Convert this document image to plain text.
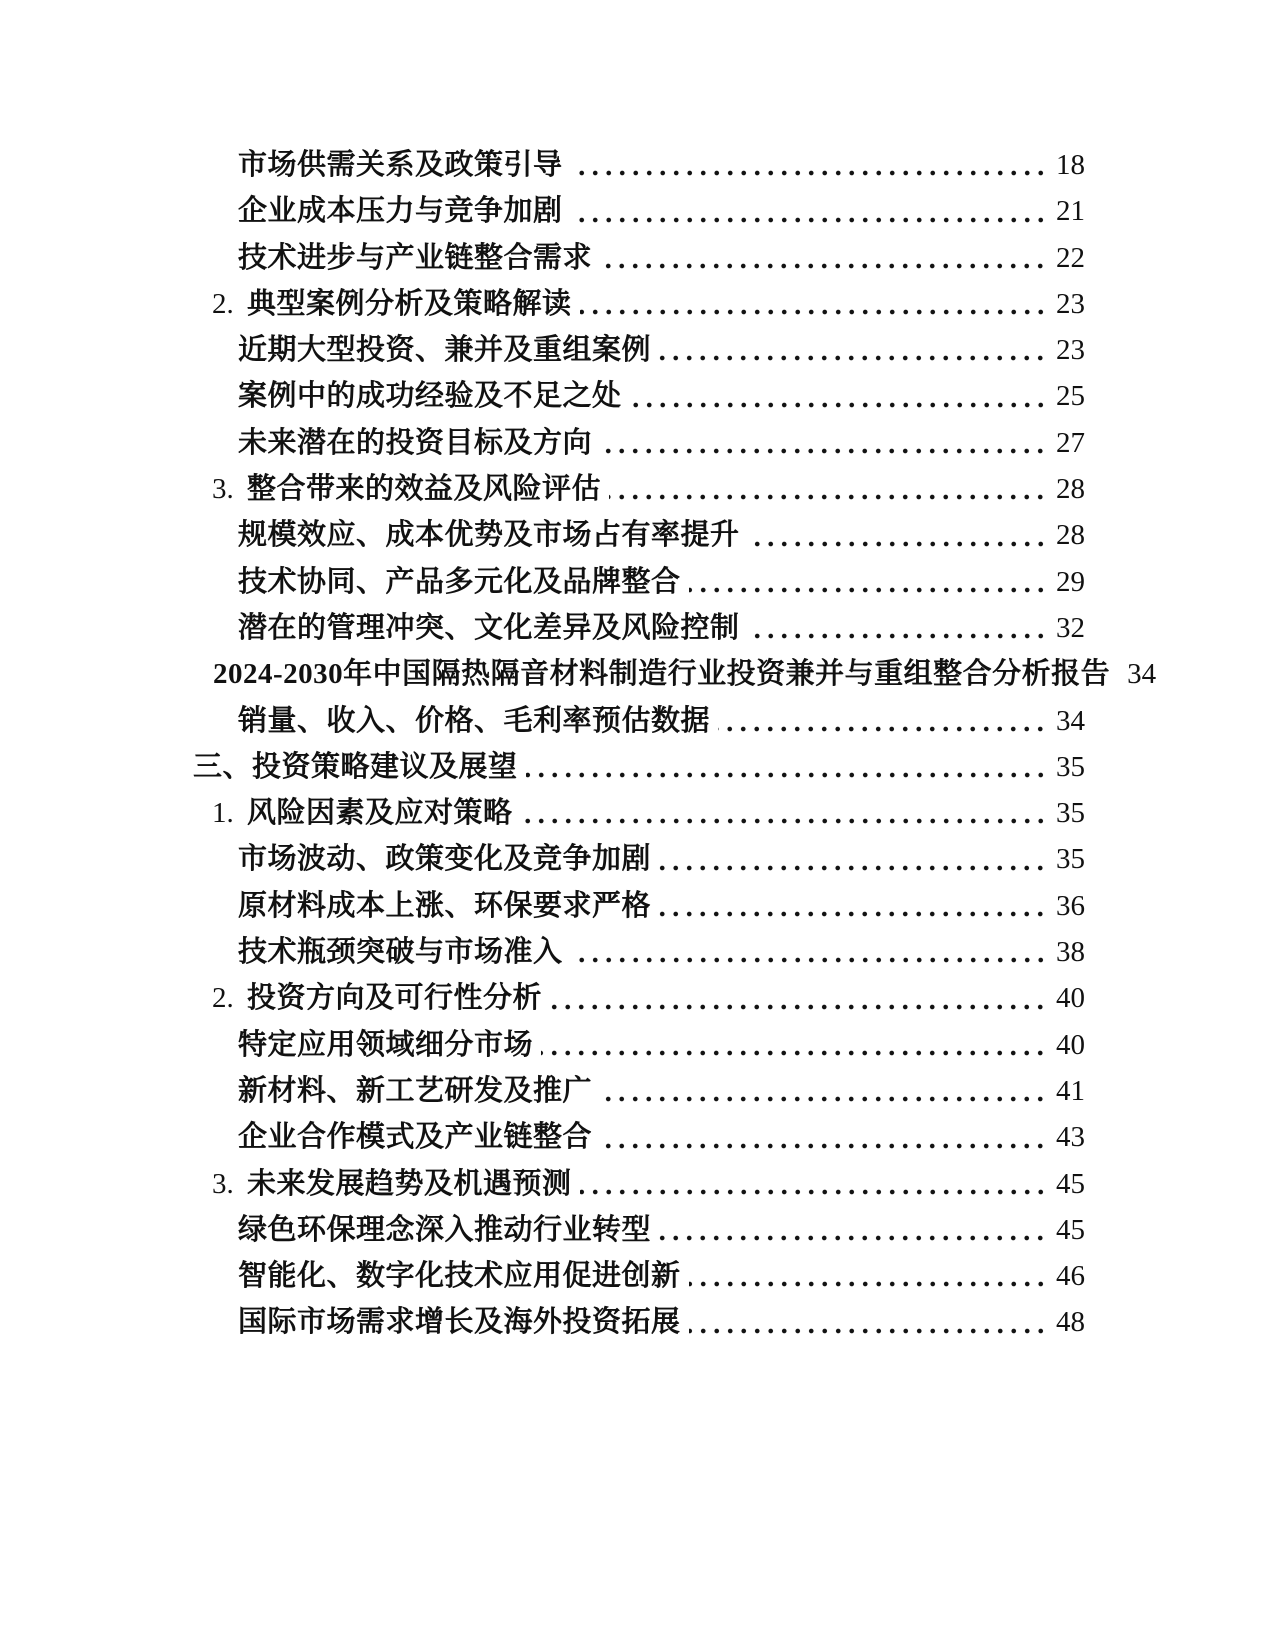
市场供需关系及政策引导	18
企业成本压力与竞争加剧	21
技术进步与产业链整合需求	22
2. 典型案例分析及策略解读	23
近期大型投资、兼并及重组案例	23
案例中的成功经验及不足之处	25
未来潜在的投资目标及方向	27
3. 整合带来的效益及风险评估	28
规模效应、成本优势及市场占有率提升	28
技术协同、产品多元化及品牌整合	29
潜在的管理冲突、文化差异及风险控制	32
2024-2030年中国隔热隔音材料制造行业投资兼并与重组整合分析报告 34
销量、收入、价格、毛利率预估数据	34
三、投资策略建议及展望	35
1. 风险因素及应对策略	35
市场波动、政策变化及竞争加剧	35
原材料成本上涨、环保要求严格	36
技术瓶颈突破与市场准入	38
2. 投资方向及可行性分析	40
特定应用领域细分市场	40
新材料、新工艺研发及推广	41
企业合作模式及产业链整合	43
3. 未来发展趋势及机遇预测	45
绿色环保理念深入推动行业转型	45
智能化、数字化技术应用促进创新	46
国际市场需求增长及海外投资拓展	48
